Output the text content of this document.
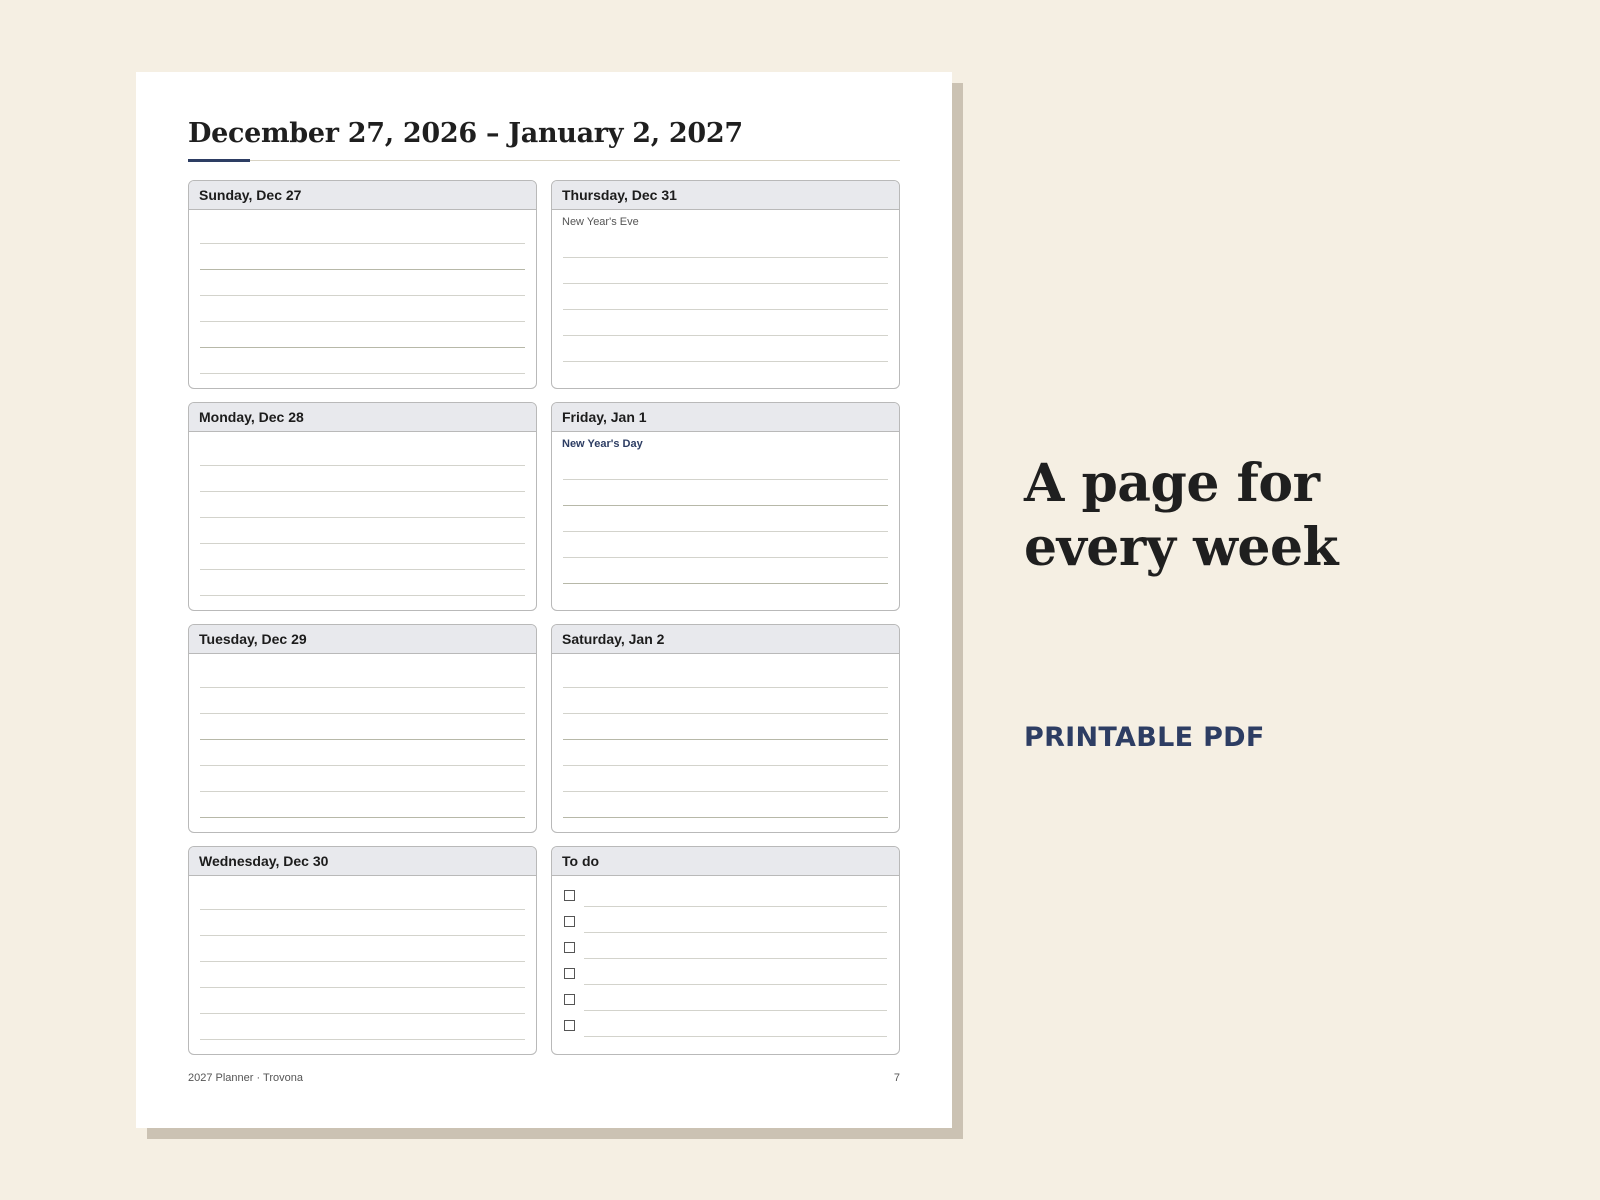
December 27, 2026 – January 2, 2027
Sunday, Dec 27	Thursday, Dec 31
New Year's Eve
Monday, Dec 28	Friday, Jan 1
New Year's Day
Tuesday, Dec 29	Saturday, Jan 2
Wednesday, Dec 30	To do
2027 Planner · Trovona	7
A page for every week
PRINTABLE PDF
